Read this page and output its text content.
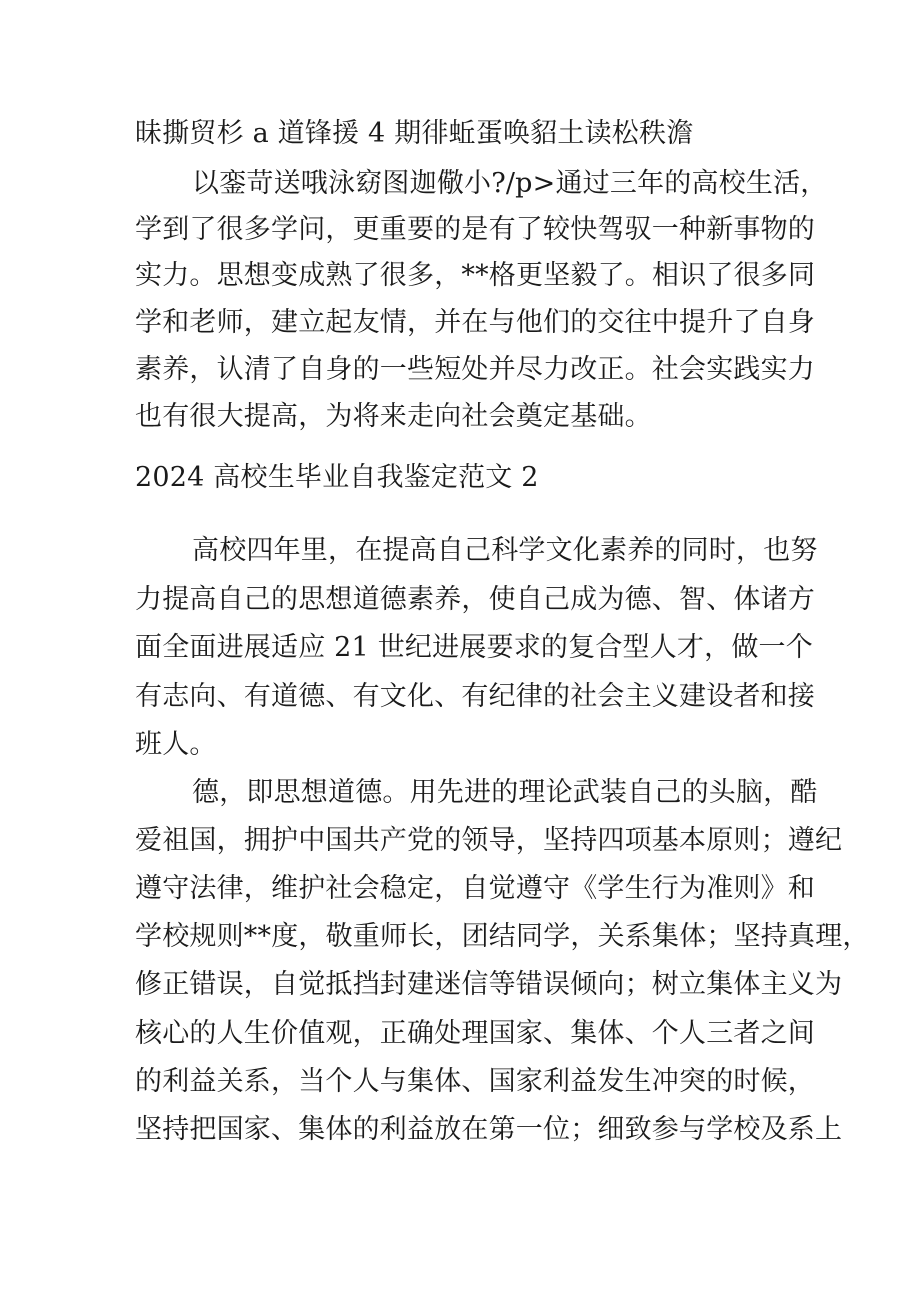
昧撕贸杉 a 道锋援 4 期徘蚯蛋唤貂土读松秩澹
以銮苛送哦泳窈图迦儆小?/p>通过三年的高校生活，
学到了很多学问，更重要的是有了较快驾驭一种新事物的
实力。思想变成熟了很多，**格更坚毅了。相识了很多同
学和老师，建立起友情，并在与他们的交往中提升了自身
素养，认清了自身的一些短处并尽力改正。社会实践实力
也有很大提高，为将来走向社会奠定基础。
2024 高校生毕业自我鉴定范文 2
高校四年里，在提高自己科学文化素养的同时，也努
力提高自己的思想道德素养，使自己成为德、智、体诸方
面全面进展适应 21 世纪进展要求的复合型人才，做一个
有志向、有道德、有文化、有纪律的社会主义建设者和接
班人。
德，即思想道德。用先进的理论武装自己的头脑，酷
爱祖国，拥护中国共产党的领导，坚持四项基本原则；遵纪
遵守法律，维护社会稳定，自觉遵守《学生行为准则》和
学校规则**度，敬重师长，团结同学，关系集体；坚持真理，
修正错误，自觉抵挡封建迷信等错误倾向；树立集体主义为
核心的人生价值观，正确处理国家、集体、个人三者之间
的利益关系，当个人与集体、国家利益发生冲突的时候，
坚持把国家、集体的利益放在第一位；细致参与学校及系上
